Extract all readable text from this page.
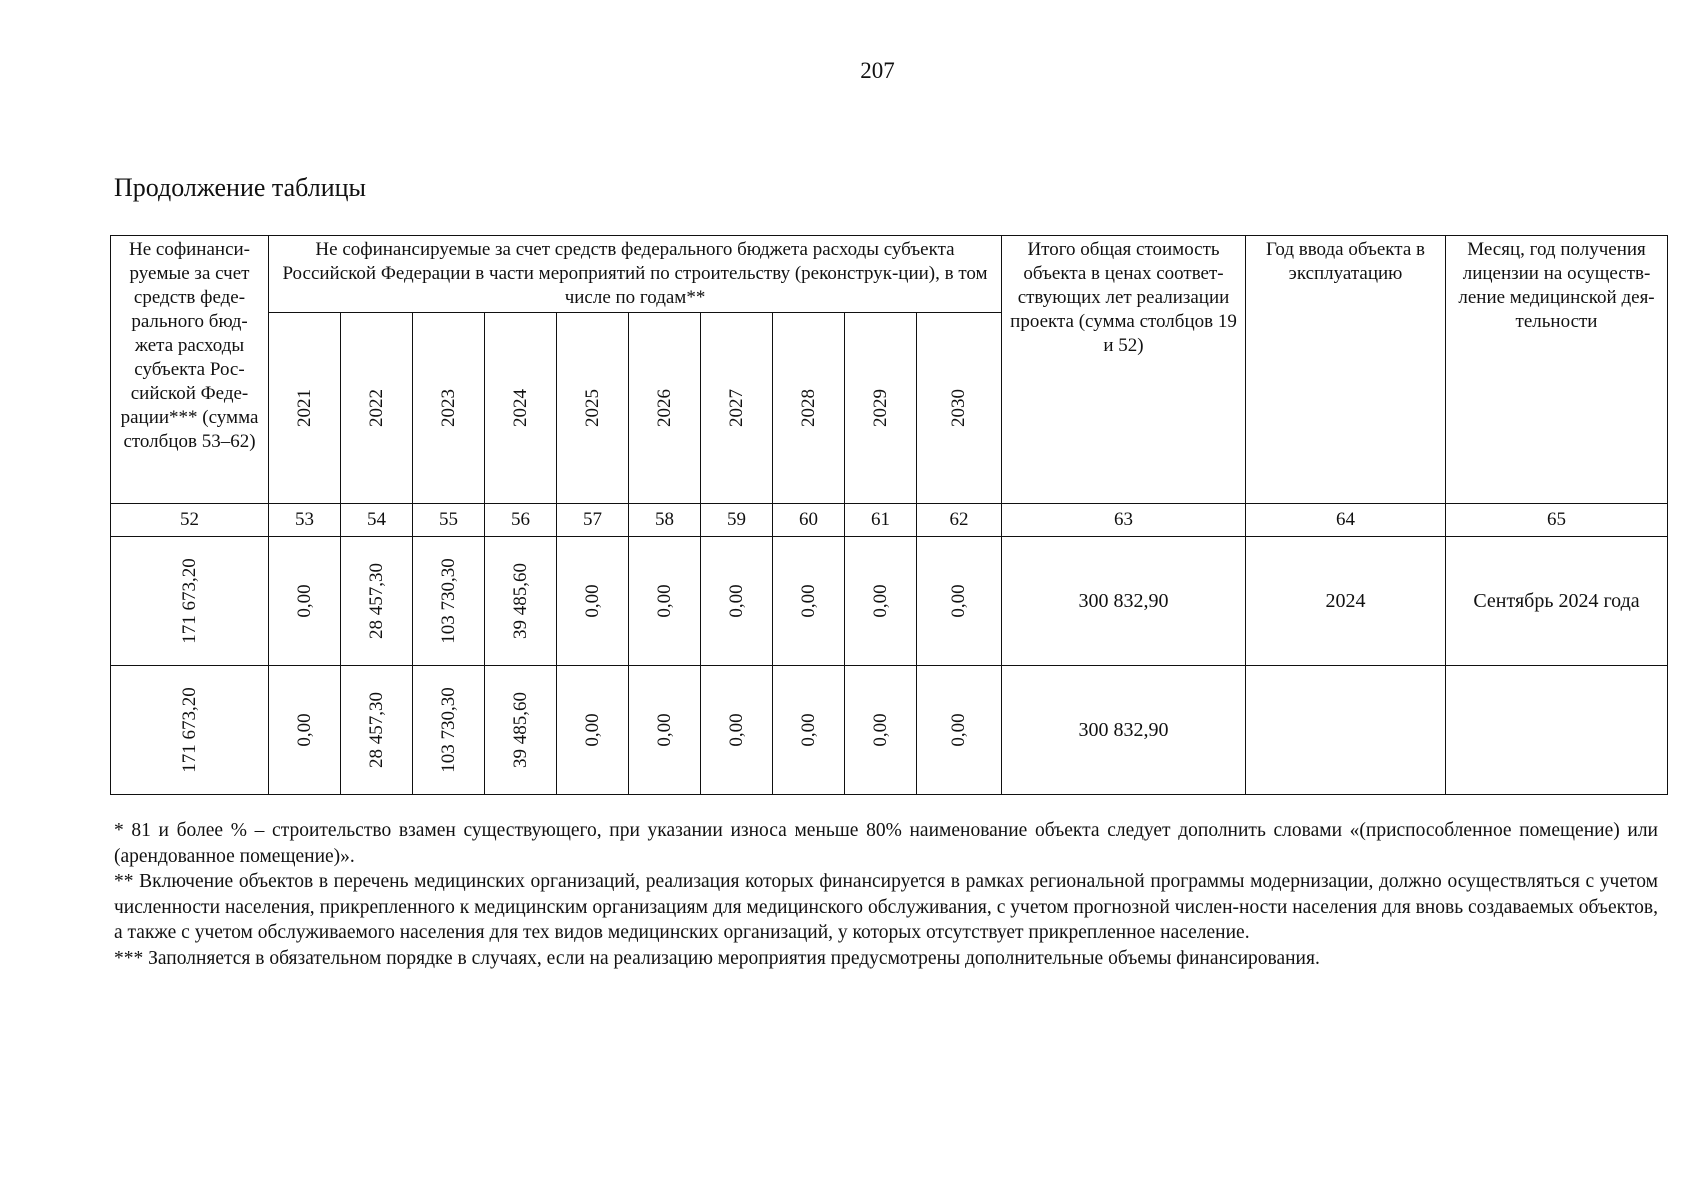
207
Продолжение таблицы
Не софинанси-руемые за счет средств феде-рального бюд-жета расходы субъекта Рос-сийской Феде-рации*** (сумма столбцов 53–62)	Не софинансируемые за счет средств федерального бюджета расходы субъекта Российской Федерации в части мероприятий по строительству (реконструк-ции), в том числе по годам**										Итого общая стоимость объекта в ценах соответ-ствующих лет реализации проекта (сумма столбцов 19 и 52)	Год ввода объекта в эксплуатацию	Месяц, год получения лицензии на осуществ-ление медицинской дея-тельности

	2021	2022	2023	2024	2025	2026	2027	2028	2029	2030			

52	53	54	55	56	57	58	59	60	61	62	63	64	65

171 673,20	0,00	28 457,30	103 730,30	39 485,60	0,00	0,00	0,00	0,00	0,00	0,00	300 832,90	2024	Сентябрь 2024 года

171 673,20	0,00	28 457,30	103 730,30	39 485,60	0,00	0,00	0,00	0,00	0,00	0,00	300 832,90		

* 81 и более % – строительство взамен существующего, при указании износа меньше 80% наименование объекта следует дополнить словами «(приспособленное помещение) или (арендованное помещение)».

** Включение объектов в перечень медицинских организаций, реализация которых финансируется в рамках региональной программы модернизации, должно осуществляться с учетом численности населения, прикрепленного к медицинским организациям для медицинского обслуживания, с учетом прогнозной числен-ности населения для вновь создаваемых объектов, а также с учетом обслуживаемого населения для тех видов медицинских организаций, у которых отсутствует прикрепленное население.

*** Заполняется в обязательном порядке в случаях, если на реализацию мероприятия предусмотрены дополнительные объемы финансирования.
